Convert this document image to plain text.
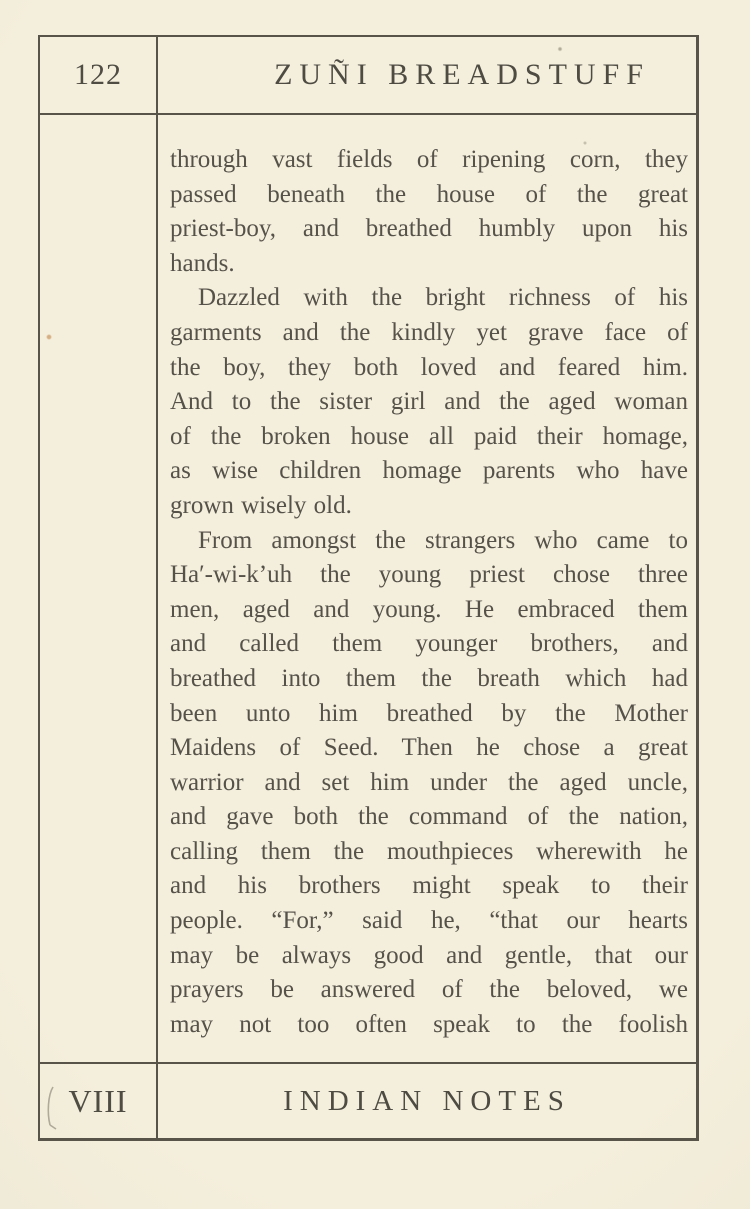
122	ZUÑI BREADSTUFF
through vast fields of ripening corn, they
passed beneath the house of the great
priest-boy, and breathed humbly upon his
hands.
Dazzled with the bright richness of his
garments and the kindly yet grave face of
the boy, they both loved and feared him.
And to the sister girl and the aged woman
of the broken house all paid their homage,
as wise children homage parents who have
grown wisely old.
From amongst the strangers who came to
Ha′-wi-k’uh the young priest chose three
men, aged and young. He embraced them
and called them younger brothers, and
breathed into them the breath which had
been unto him breathed by the Mother
Maidens of Seed. Then he chose a great
warrior and set him under the aged uncle,
and gave both the command of the nation,
calling them the mouthpieces wherewith he
and his brothers might speak to their
people. “For,” said he, “that our hearts
may be always good and gentle, that our
prayers be answered of the beloved, we
may not too often speak to the foolish
VIII	INDIAN NOTES
